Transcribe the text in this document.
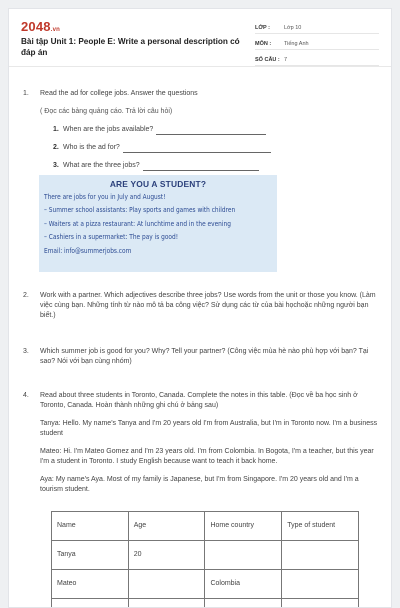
2048.vn
Bài tập Unit 1: People E: Write a personal description có đáp án
LỚP :	Lớp 10
MÔN :	Tiếng Anh
SỐ CÂU : 7
1. Read the ad for college jobs. Answer the questions
( Đọc các bảng quảng cáo. Trả lời câu hỏi)
1. When are the jobs available?
2. Who is the ad for?
3. What are the three jobs?
ARE YOU A STUDENT?
There are jobs for you in July and August!
– Summer school assistants: Play sports and games with children
– Waiters at a pizza restaurant: At lunchtime and in the evening
– Cashiers in a supermarket: The pay is good!
Email: info@summerjobs.com
2. Work with a partner. Which adjectives describe three jobs? Use words from the unit or those you know. (Làm việc cùng bạn. Những tính từ nào mô tả ba công việc? Sử dụng các từ của bài họchoặc những người bạn biết.)
3. Which summer job is good for you? Why? Tell your partner? (Công việc mùa hè nào phù hợp với bạn? Tại sao? Nói với bạn cùng nhóm)
4. Read about three students in Toronto, Canada. Complete the notes in this table. (Đọc về ba học sinh ở Toronto, Canada. Hoàn thành những ghi chú ở bảng sau)
Tanya: Hello. My name's Tanya and I'm 20 years old I'm from Australia, but I'm in Toronto now. I'm a business student
Mateo: Hi. I'm Mateo Gomez and I'm 23 years old. I'm from Colombia. In Bogota, I'm a teacher, but this year I'm a student in Toronto. I study English because want to teach it back home.
Aya: My name's Aya. Most of my family is Japanese, but I'm from Singapore. I'm 20 years old and I'm a tourism student.
Name	Age	Home country	Type of student
Tanya	20		
Mateo		Colombia	
